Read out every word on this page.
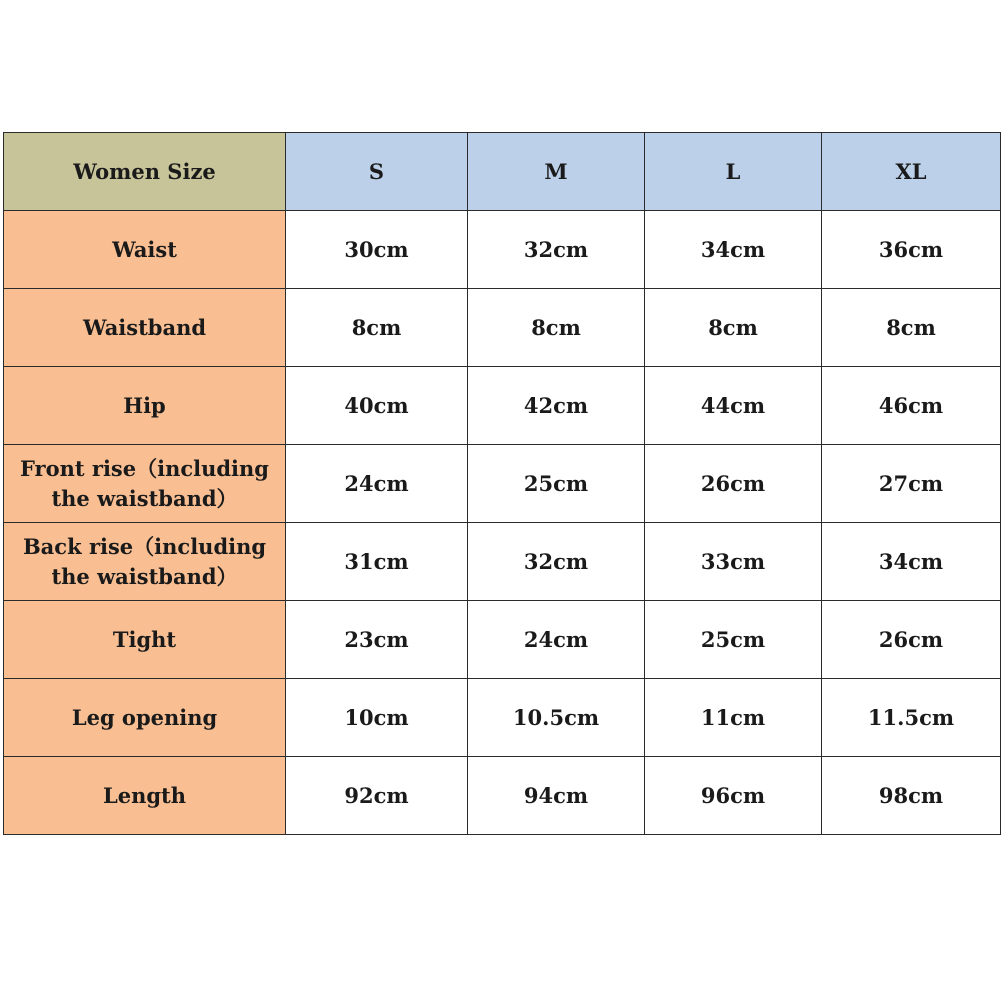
Women Size	S	M	L	XL
Waist	30cm	32cm	34cm	36cm
Waistband	8cm	8cm	8cm	8cm
Hip	40cm	42cm	44cm	46cm
Front rise（including the waistband）	24cm	25cm	26cm	27cm
Back rise（including the waistband）	31cm	32cm	33cm	34cm
Tight	23cm	24cm	25cm	26cm
Leg opening	10cm	10.5cm	11cm	11.5cm
Length	92cm	94cm	96cm	98cm
